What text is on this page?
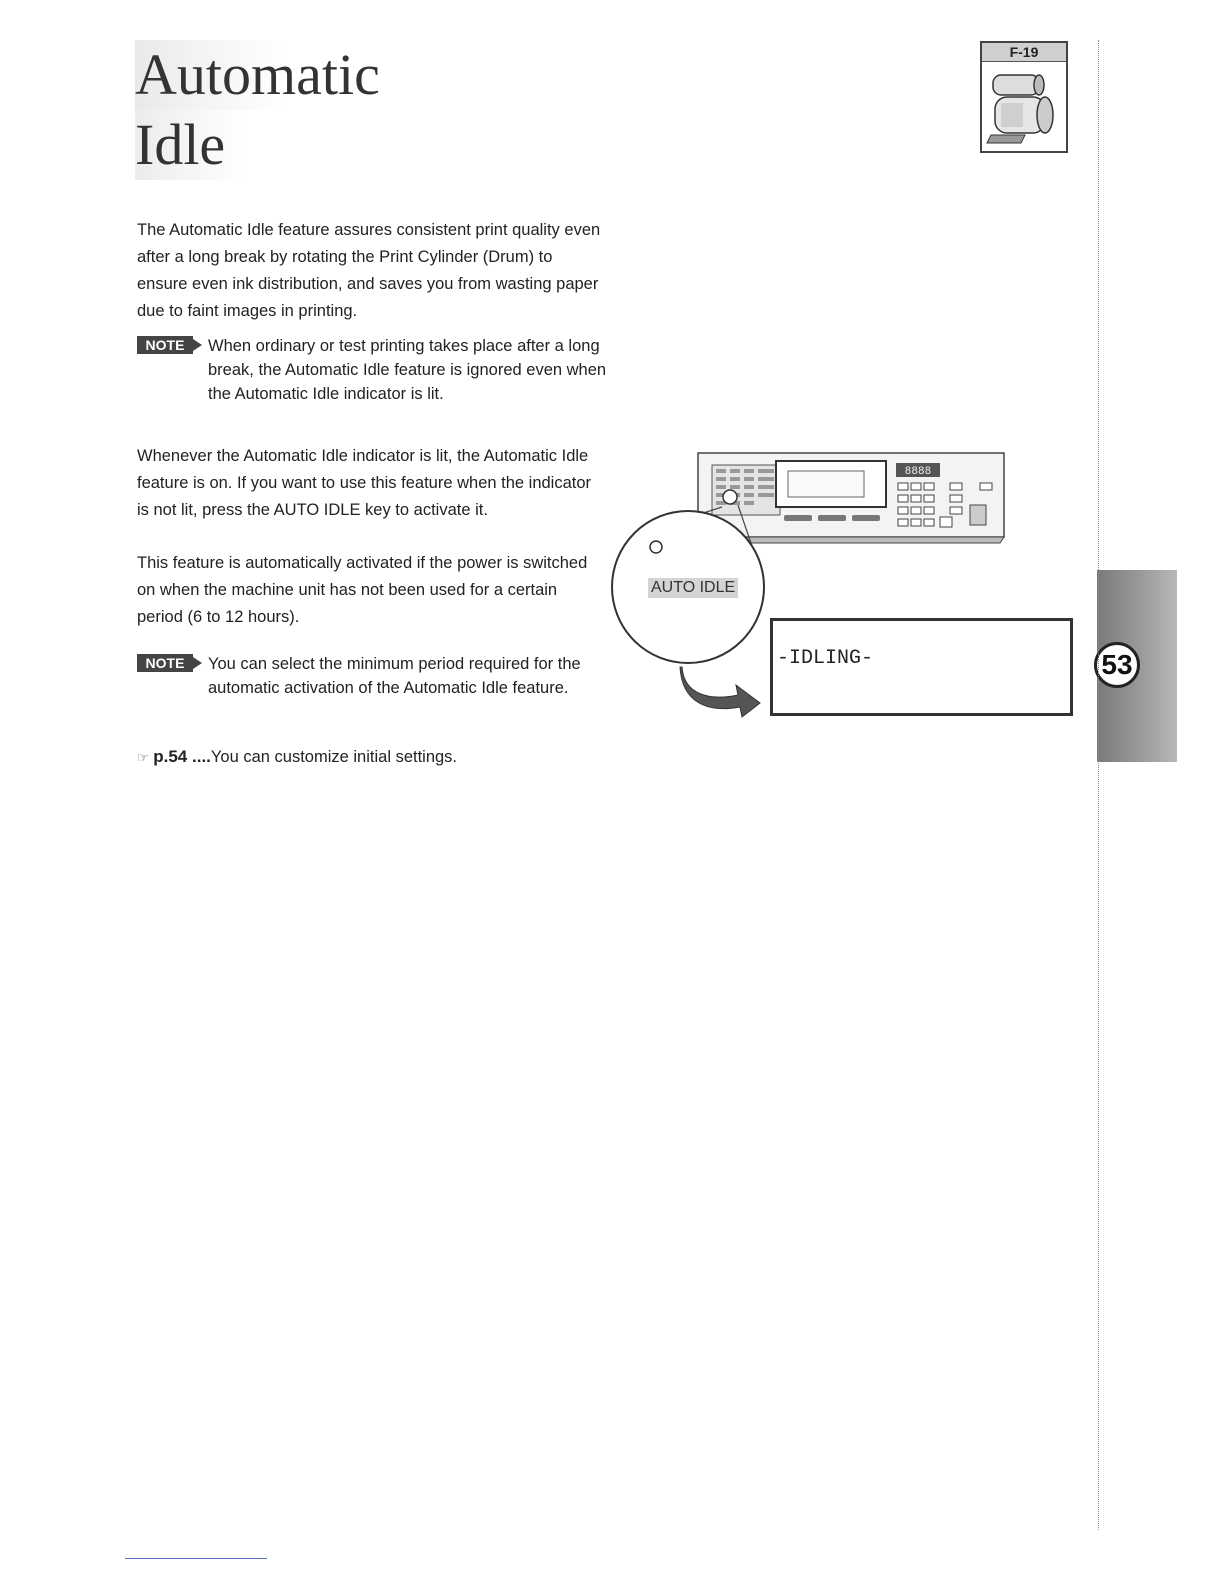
Automatic
Idle
F-19

The Automatic Idle feature assures consistent print quality even after a long break by rotating the Print Cylinder (Drum) to ensure even ink distribution, and saves you from wasting paper due to faint images in printing.

NOTE When ordinary or test printing takes place after a long break, the Automatic Idle feature is ignored even when the Automatic Idle indicator is lit.

Whenever the Automatic Idle indicator is lit, the Automatic Idle feature is on. If you want to use this feature when the indicator is not lit, press the AUTO IDLE key to activate it.

This feature is automatically activated if the power is switched on when the machine unit has not been used for a certain period (6 to 12 hours).

NOTE You can select the minimum period required for the automatic activation of the Automatic Idle feature.
☞ p.54 ....You can customize initial settings.
8888
AUTO IDLE
-IDLING-	53
